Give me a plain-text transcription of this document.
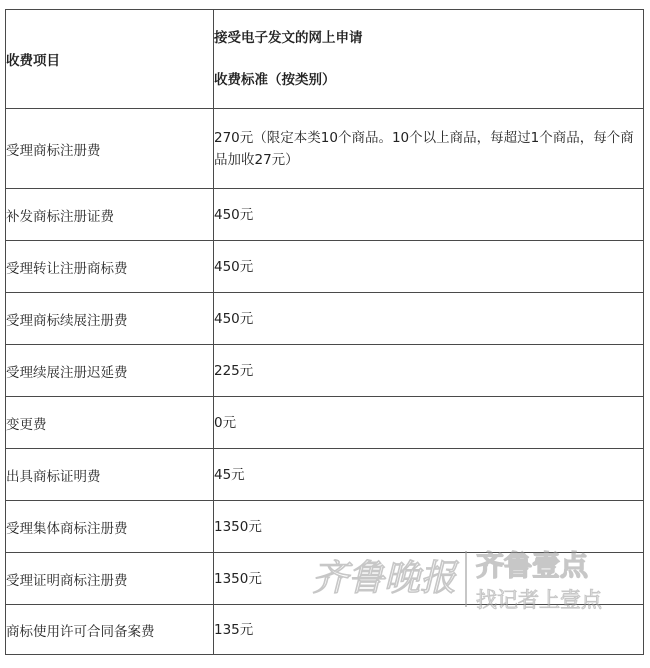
收费项目	接受电子发文的网上申请
收费标准（按类别）
受理商标注册费	270元（限定本类10个商品。10个以上商品，每超过1个商品，每个商品加收27元）
补发商标注册证费	450元
受理转让注册商标费	450元
受理商标续展注册费	450元
受理续展注册迟延费	225元
变更费	0元
出具商标证明费	45元
受理集体商标注册费	1350元
受理证明商标注册费	1350元
商标使用许可合同备案费	135元
齐鲁晚报 齐鲁壹点
找记者上壹点
